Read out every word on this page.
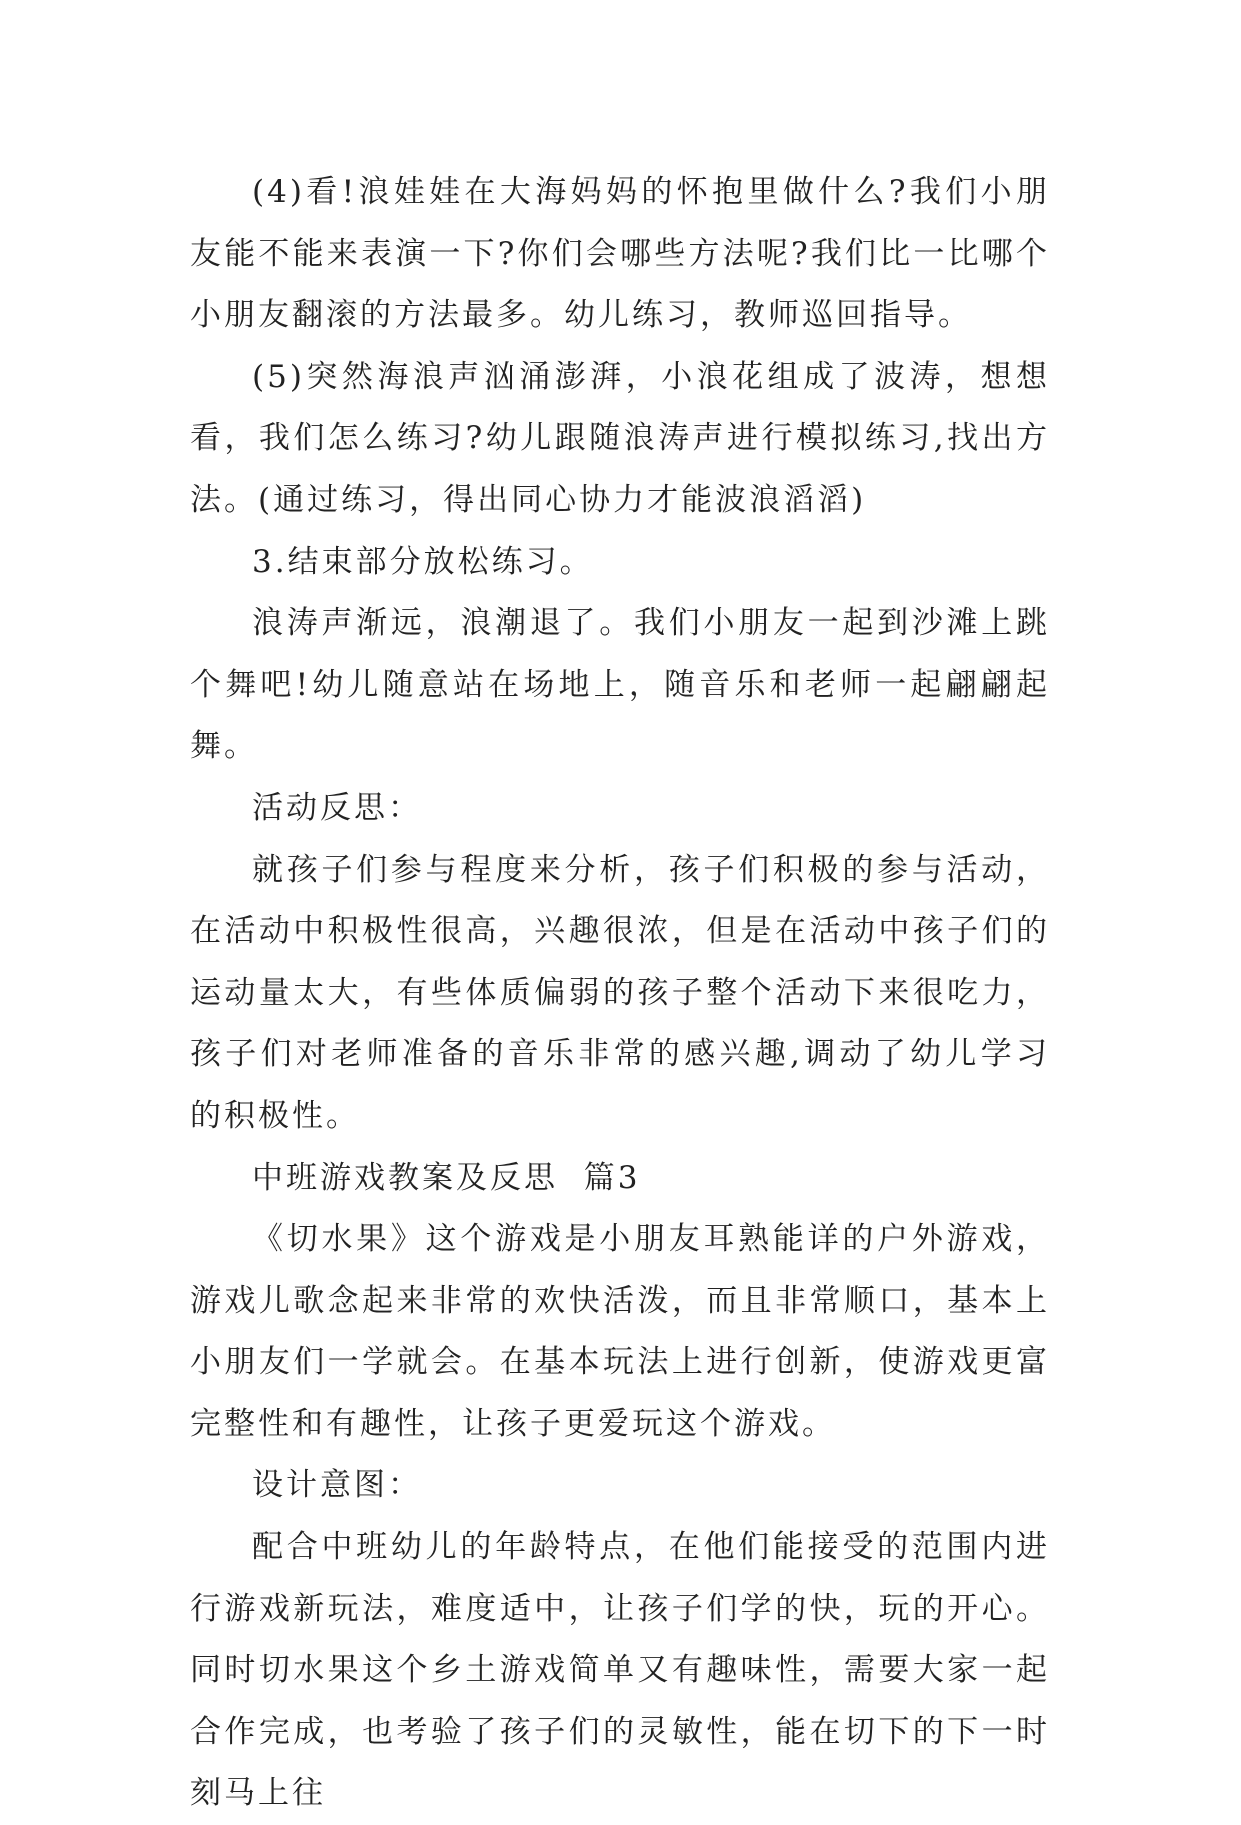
(4)看!浪娃娃在大海妈妈的怀抱里做什么?我们小朋友能不能来表演一下?你们会哪些方法呢?我们比一比哪个小朋友翻滚的方法最多。幼儿练习，教师巡回指导。

(5)突然海浪声汹涌澎湃，小浪花组成了波涛，想想看，我们怎么练习?幼儿跟随浪涛声进行模拟练习,找出方法。(通过练习，得出同心协力才能波浪滔滔)

3.结束部分放松练习。

浪涛声渐远，浪潮退了。我们小朋友一起到沙滩上跳个舞吧!幼儿随意站在场地上，随音乐和老师一起翩翩起舞。

活动反思：

就孩子们参与程度来分析，孩子们积极的参与活动，在活动中积极性很高，兴趣很浓，但是在活动中孩子们的运动量太大，有些体质偏弱的孩子整个活动下来很吃力，孩子们对老师准备的音乐非常的感兴趣,调动了幼儿学习的积极性。

中班游戏教案及反思  篇3

《切水果》这个游戏是小朋友耳熟能详的户外游戏，游戏儿歌念起来非常的欢快活泼，而且非常顺口，基本上小朋友们一学就会。在基本玩法上进行创新，使游戏更富完整性和有趣性，让孩子更爱玩这个游戏。

设计意图：

配合中班幼儿的年龄特点，在他们能接受的范围内进行游戏新玩法，难度适中，让孩子们学的快，玩的开心。同时切水果这个乡土游戏简单又有趣味性，需要大家一起合作完成，也考验了孩子们的灵敏性，能在切下的下一时刻马上往
